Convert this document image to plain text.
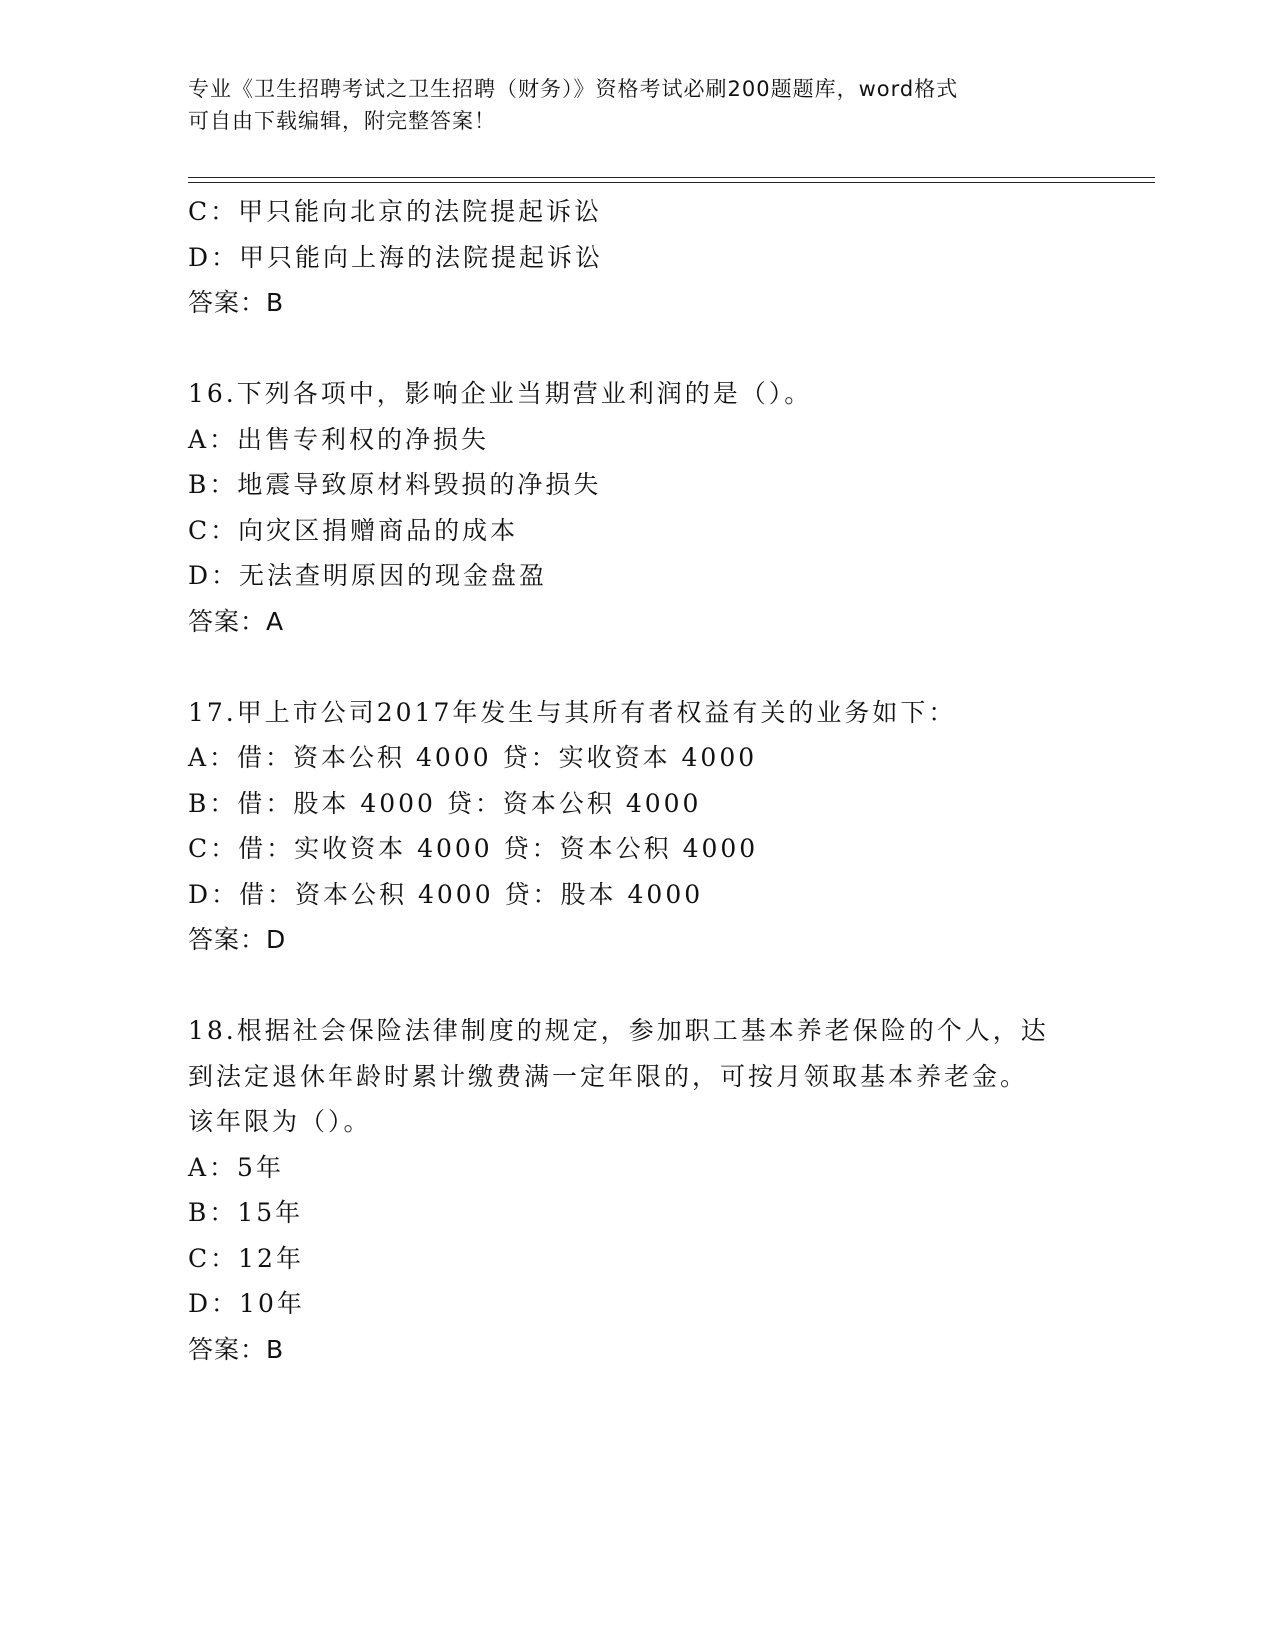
专业《卫生招聘考试之卫生招聘（财务）》资格考试必刷200题题库，word格式
可自由下载编辑，附完整答案！
C：甲只能向北京的法院提起诉讼
D：甲只能向上海的法院提起诉讼
答案：B
16.下列各项中，影响企业当期营业利润的是（）。
A：出售专利权的净损失
B：地震导致原材料毁损的净损失
C：向灾区捐赠商品的成本
D：无法查明原因的现金盘盈
答案：A
17.甲上市公司2017年发生与其所有者权益有关的业务如下：
A：借：资本公积 4000 贷：实收资本 4000
B：借：股本 4000 贷：资本公积 4000
C：借：实收资本 4000 贷：资本公积 4000
D：借：资本公积 4000 贷：股本 4000
答案：D
18.根据社会保险法律制度的规定，参加职工基本养老保险的个人，达
到法定退休年龄时累计缴费满一定年限的，可按月领取基本养老金。
该年限为（）。
A：5年
B：15年
C：12年
D：10年
答案：B
